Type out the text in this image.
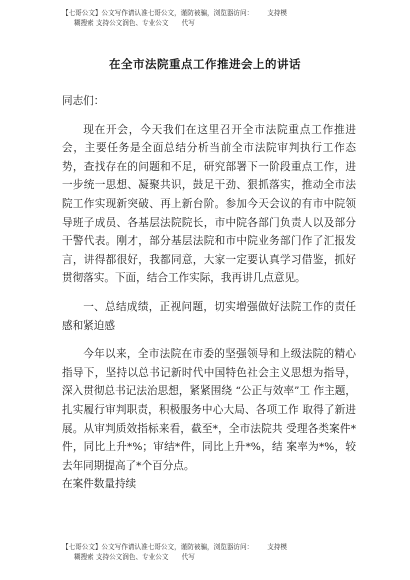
【七哥公文】公文写作请认准七哥公文，谨防被骗，浏览器访问： 支持模
糊搜索 支持公文润色、专业公文　　代写
在全市法院重点工作推进会上的讲话

同志们：

现在开会，今天我们在这里召开全市法院重点工作推进会，主要任务是全面总结分析当前全市法院审判执行工作态势，查找存在的问题和不足，研究部署下一阶段重点工作，进一步统一思想、凝聚共识，鼓足干劲、狠抓落实，推动全市法院工作实现新突破、再上新台阶。参加今天会议的有市中院领导班子成员、各基层法院院长，市中院各部门负责人以及部分干警代表。刚才，部分基层法院和市中院业务部门作了汇报发言，讲得都很好，我都同意，大家一定要认真学习借鉴，抓好贯彻落实。下面，结合工作实际，我再讲几点意见。

一、总结成绩，正视问题，切实增强做好法院工作的责任感和紧迫感

今年以来，全市法院在市委的坚强领导和上级法院的精心指导下，坚持以总书记新时代中国特色社会主义思想为指导，深入贯彻总书记法治思想，紧紧围绕 “公正与效率”工 作主题，扎实履行审判职责，积极服务中心大局、各项工作 取得了新进展。从审判质效指标来看，截至*，全市法院共 受理各类案件*件，同比上升*%；审结*件，同比上升*%，结 案率为*%，较去年同期提高了*个百分点。

在案件数量持续

【七哥公文】公文写作请认准七哥公文，谨防被骗，浏览器访问： 支持模
糊搜索 支持公文润色、专业公文　　代写
